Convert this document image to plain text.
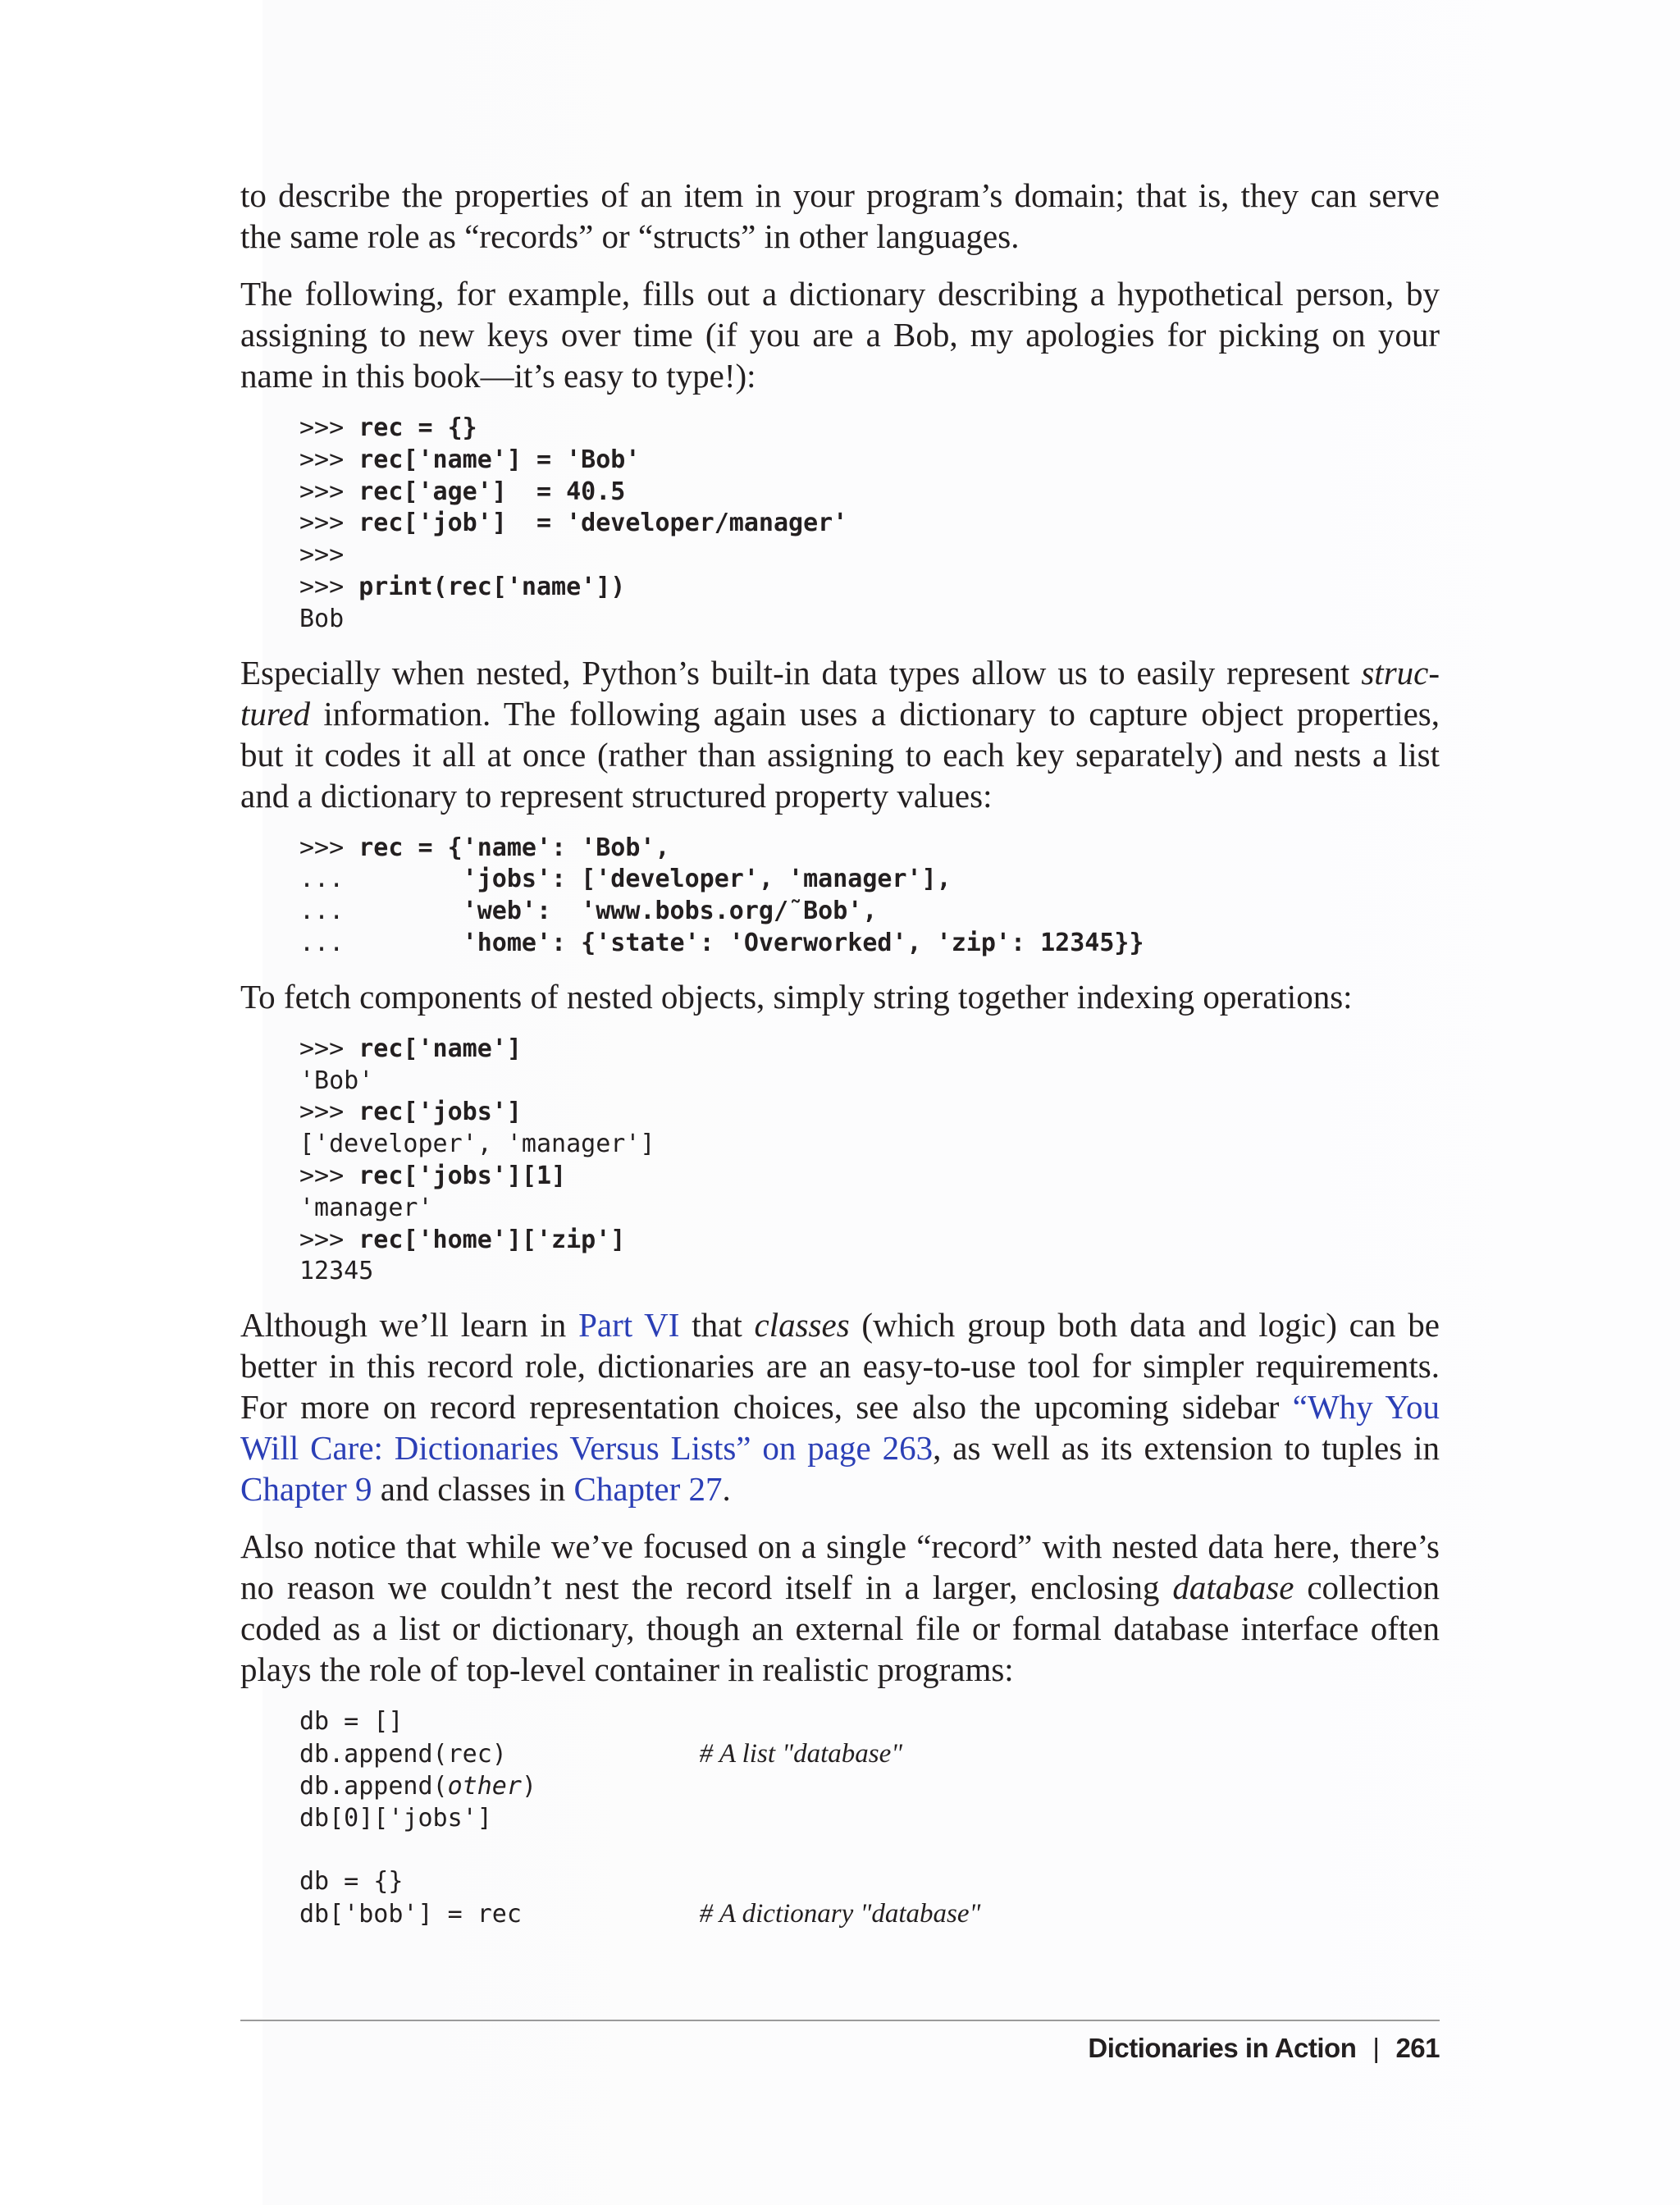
to describe the properties of an item in your program’s domain; that is, they can serve
the same role as “records” or “structs” in other languages.

The following, for example, fills out a dictionary describing a hypothetical person, by
assigning to new keys over time (if you are a Bob, my apologies for picking on your
name in this book—it’s easy to type!):

>>> rec = {}
>>> rec['name'] = 'Bob'
>>> rec['age']  = 40.5
>>> rec['job']  = 'developer/manager'
>>>
>>> print(rec['name'])
Bob

Especially when nested, Python’s built-in data types allow us to easily represent struc-
tured information. The following again uses a dictionary to capture object properties,
but it codes it all at once (rather than assigning to each key separately) and nests a list
and a dictionary to represent structured property values:

>>> rec = {'name': 'Bob',
...        'jobs': ['developer', 'manager'],
...        'web':  'www.bobs.org/˜Bob',
...        'home': {'state': 'Overworked', 'zip': 12345}}

To fetch components of nested objects, simply string together indexing operations:

>>> rec['name']
'Bob'
>>> rec['jobs']
['developer', 'manager']
>>> rec['jobs'][1]
'manager'
>>> rec['home']['zip']
12345

Although we’ll learn in Part VI that classes (which group both data and logic) can be
better in this record role, dictionaries are an easy-to-use tool for simpler requirements.
For more on record representation choices, see also the upcoming sidebar “Why You
Will Care: Dictionaries Versus Lists” on page 263, as well as its extension to tuples in
Chapter 9 and classes in Chapter 27.

Also notice that while we’ve focused on a single “record” with nested data here, there’s
no reason we couldn’t nest the record itself in a larger, enclosing database collection
coded as a list or dictionary, though an external file or formal database interface often
plays the role of top-level container in realistic programs:

db = []
db.append(rec)             # A list "database"
db.append(other)
db[0]['jobs']

db = {}
db['bob'] = rec            # A dictionary "database"
Dictionaries in Action | 261
